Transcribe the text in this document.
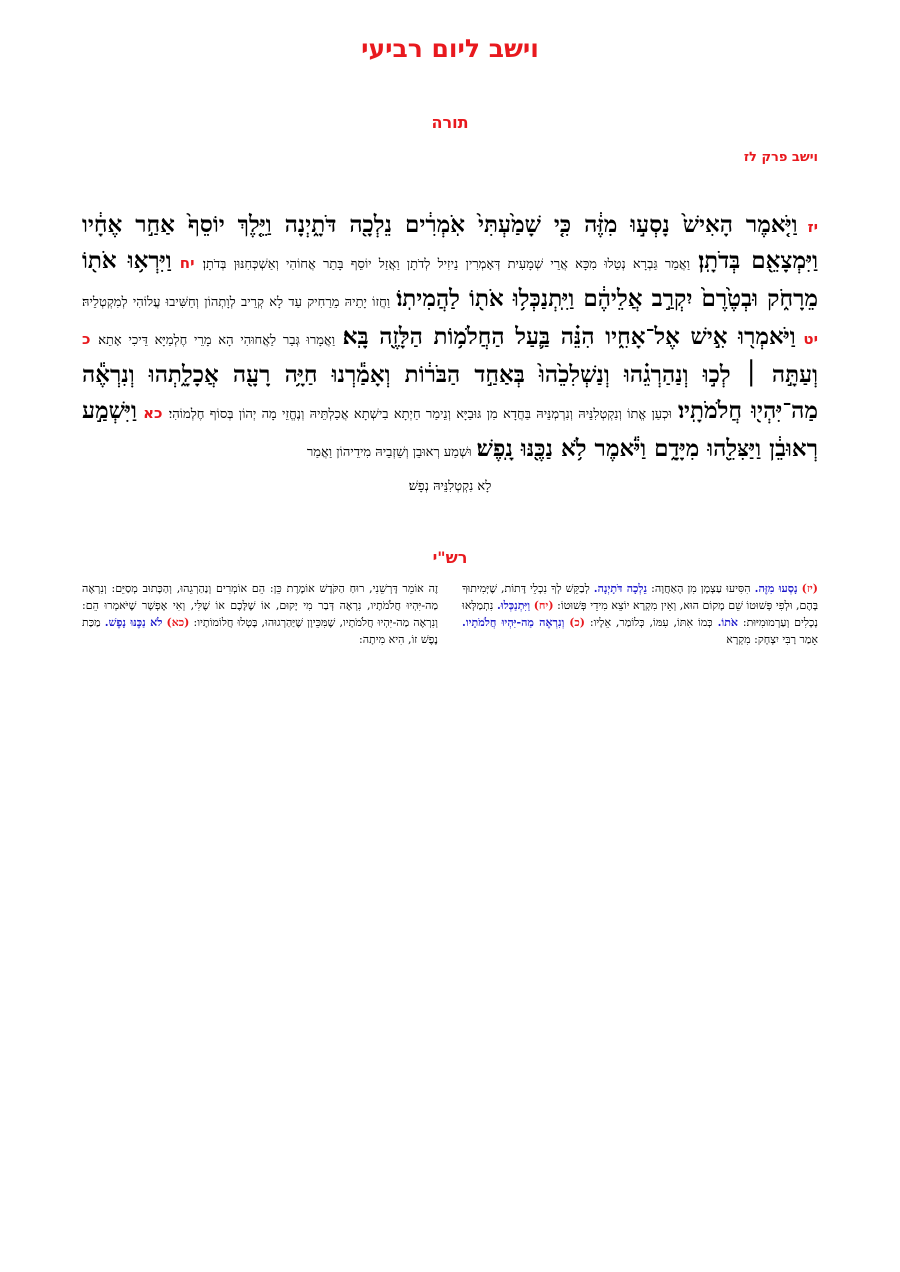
וישב ליום רביעי
תורה
וישב פרק לז
יז וַיֹּ֤אמֶר הָאִישׁ֙ נָסְע֣וּ מִזֶּ֔ה כִּ֤י שָׁמַ֙עְתִּי֙ אֹֽמְרִ֔ים נֵלְכָ֖ה דֹּתָ֑יְנָה וַיֵּ֤לֶךְ יוֹסֵף֙ אַחַ֣ר אֶחָ֔יו וַיִּמְצָאֵ֖ם בְּדֹתָֽן׃ וַאֲמַר גַּבְרָא נְטַלוּ מִכָּא אֲרֵי שְׁמָעִית דְּאָמְרִין נֵיזִיל לְדֹתָן וַאֲזַל יוֹסֵף בָּתַר אֲחוֹהִי וְאַשְׁכְּחִנּוּן בְּדֹתָן׃ יח וַיִּרְא֥וּ אֹת֖וֹ מֵרָחֹ֑ק וּבְטֶ֙רֶם֙ יִקְרַ֣ב אֲלֵיהֶ֔ם וַיִּֽתְנַכְּל֥וּ אֹת֖וֹ לַהֲמִיתֽוֹ׃ וַחֲזוֹ יָתֵיהּ מֵרַחִיק עַד לָא קְרֵיב לְוָתְהוֹן וְחַשִּׁיבוּ עֲלוֹהִי לְמִקְטְלֵיהּ׃ יט וַיֹּאמְר֖וּ אִ֣ישׁ אֶל־אָחִ֑יו הִנֵּ֗ה בַּ֛עַל הַחֲלֹמ֥וֹת הַלָּזֶ֖ה בָּֽא׃ וַאֲמָרוּ גְּבַר לַאֲחוּהִי הָא מָרֵי חֶלְמַיָּא דֵּיכִי אָתֵא׃ כ וְעַתָּ֣ה ׀ לְכ֣וּ וְנַהַרְגֵ֗הוּ וְנַשְׁלִכֵ֙הוּ֙ בְּאַחַ֣ד הַבֹּר֔וֹת וְאָמַ֕רְנוּ חַיָּ֥ה רָעָ֖ה אֲכָלָ֑תְהוּ וְנִרְאֶ֕ה מַה־יִּהְי֖וּ חֲלֹמֹתָֽיו׃ וּכְעַן אֱתוֹ וְנִקְטְלִנֵּיהּ וְנִרְמְנֵּיהּ בַּחֲדָא מִן גּוּבַיָּא וְנֵימַר חַיְתָא בִישְׁתָא אֲכַלְתֵּיהּ וְנֶחֱזֵי מָה יְהוֹן בְּסוֹף חֶלְמוֹהִי׃ כא וַיִּשְׁמַ֣ע רְאוּבֵ֔ן וַיַּצִּלֵ֖הוּ מִיָּדָ֑ם וַיֹּ֕אמֶר לֹ֥א נַכֶּ֖נּוּ נָֽפֶשׁ׃ וּשְׁמַע רְאוּבֵן וְשֵׁזְבֵיהּ מִידֵיהוֹן וַאֲמַר
לָא נִקְטְלִנֵּיהּ נְפָשׁ׃
רש"י
(יז) נָסְעוּ מִזֶּה. הִסִּיעוּ עַצְמָן מִן הָאַחֲוָה: נֵלְכָה דֹּתָיְנָה. לְבַקֵּשׁ לְךָ נִכְלֵי דָּתוֹת, שֶׁיְּמִיתוּךָ בָּהֶם, וּלְפִי פְּשׁוּטוֹ שֵׁם מָקוֹם הוּא, וְאֵין מִקְרָא יוֹצֵא מִידֵי פְּשׁוּטוֹ: (יח) וַיִּתְנַכְּלוּ. נִתְמַלְּאוּ נְכָלִים וְעַרְמוּמִיּוּת: אֹתוֹ. כְּמוֹ אִתּוֹ, עִמּוֹ, כְּלוֹמַר, אֵלָיו: (כ) וְנִרְאֶה מַה-יִּהְיוּ חֲלֹמֹתָיו. אָמַר רַבִּי יִצְחָק: מִקְרָא
זֶה אוֹמֵר דָּרְשֵׁנִי, רוּחַ הַקֹּדֶשׁ אוֹמֶרֶת כֵּן: הֵם אוֹמְרִים וְנַהַרְגֵהוּ, וְהַכָּתוּב מְסַיֵּם: וְנִרְאֶה מַה-יִּהְיוּ חֲלֹמֹתָיו, נִרְאֶה דְּבַר מִי יָקוּם, אוֹ שֶׁלָּכֶם אוֹ שֶׁלִּי, וְאִי אֶפְשָׁר שֶׁיֹּאמְרוּ הֵם: וְנִרְאֶה מַה-יִּהְיוּ חֲלֹמֹתָיו, שֶׁמִּכֵּיוָן שֶׁיַּהַרְגוּהוּ, בָּטְלוּ חֲלוֹמוֹתָיו: (כא) לֹא נַכֶּנּוּ נָפֶשׁ. מַכַּת נֶפֶשׁ זוֹ, הִיא מִיתָה:
